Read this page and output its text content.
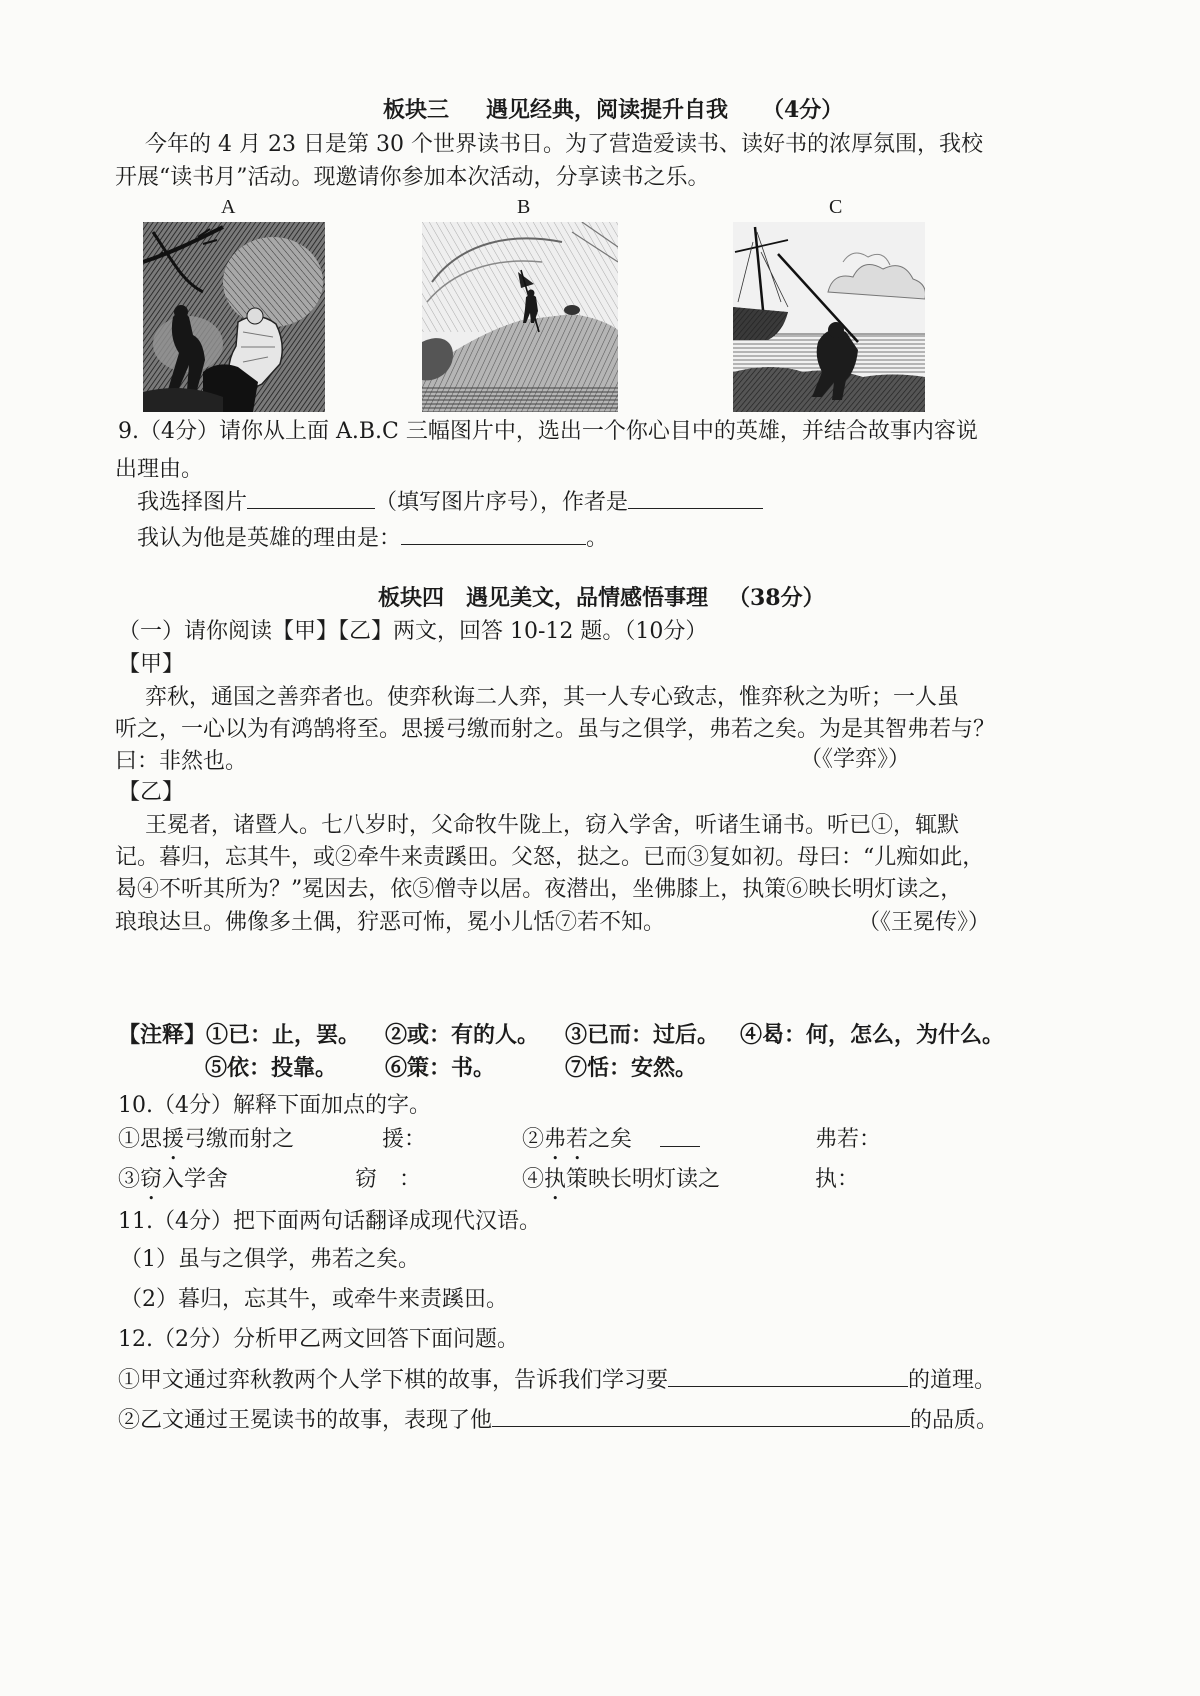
板块三 遇见经典，阅读提升自我 （4分）
今年的 4 月 23 日是第 30 个世界读书日。为了营造爱读书、读好书的浓厚氛围，我校
开展“读书月”活动。现邀请你参加本次活动，分享读书之乐。
A	B	C
9.（4分）请你从上面 A.B.C 三幅图片中，选出一个你心目中的英雄，并结合故事内容说
出理由。
我选择图片	（填写图片序号），作者是
我认为他是英雄的理由是：	。
板块四 遇见美文，品情感悟事理 （38分）
（一）请你阅读【甲】【乙】两文，回答 10-12 题。（10分）
【甲】
弈秋，通国之善弈者也。使弈秋诲二人弈，其一人专心致志，惟弈秋之为听；一人虽
听之，一心以为有鸿鹄将至。思援弓缴而射之。虽与之俱学，弗若之矣。为是其智弗若与？
曰：非然也。	（《学弈》）
【乙】
王冕者，诸暨人。七八岁时，父命牧牛陇上，窃入学舍，听诸生诵书。听已①，辄默
记。暮归，忘其牛，或②牵牛来责蹊田。父怒，挞之。已而③复如初。母曰：“儿痴如此，
曷④不听其所为？”冕因去，依⑤僧寺以居。夜潜出，坐佛膝上，执策⑥映长明灯读之，
琅琅达旦。佛像多土偶，狞恶可怖，冕小儿恬⑦若不知。	（《王冕传》）
【注释】①已：止，罢。 ②或：有的人。 ③已而：过后。 ④曷：何，怎么，为什么。
⑤依：投靠。 ⑥策：书。	⑦恬：安然。
10.（4分）解释下面加点的字。
①思援弓缴而射之	援：	②弗若之矣	弗若：
③窃入学舍	窃　：	④执策映长明灯读之	执：
11.（4分）把下面两句话翻译成现代汉语。
（1）虽与之俱学，弗若之矣。
（2）暮归，忘其牛，或牵牛来责蹊田。
12.（2分）分析甲乙两文回答下面问题。
①甲文通过弈秋教两个人学下棋的故事，告诉我们学习要	的道理。
②乙文通过王冕读书的故事，表现了他	的品质。
